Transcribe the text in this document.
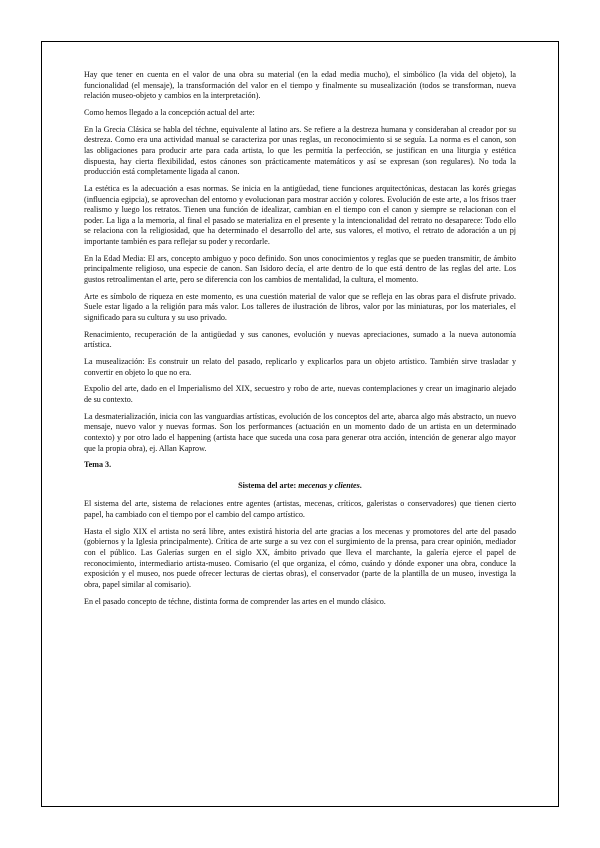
Hay que tener en cuenta en el valor de una obra su material (en la edad media mucho), el simbólico (la vida del objeto), la funcionalidad (el mensaje), la transformación del valor en el tiempo y finalmente su musealización (todos se transforman, nueva relación museo-objeto y cambios en la interpretación).

Como hemos llegado a la concepción actual del arte:

En la Grecia Clásica se habla del téchne, equivalente al latino ars. Se refiere a la destreza humana y consideraban al creador por su destreza. Como era una actividad manual se caracteriza por unas reglas, un reconocimiento si se seguía. La norma es el canon, son las obligaciones para producir arte para cada artista, lo que les permitía la perfección, se justifican en una liturgia y estética dispuesta, hay cierta flexibilidad, estos cánones son prácticamente matemáticos y así se expresan (son regulares). No toda la producción está completamente ligada al canon.

La estética es la adecuación a esas normas. Se inicia en la antigüedad, tiene funciones arquitectónicas, destacan las korés griegas (influencia egipcia), se aprovechan del entorno y evolucionan para mostrar acción y colores. Evolución de este arte, a los frisos traer realismo y luego los retratos. Tienen una función de idealizar, cambian en el tiempo con el canon y siempre se relacionan con el poder. La liga a la memoria, al final el pasado se materializa en el presente y la intencionalidad del retrato no desaparece: Todo ello se relaciona con la religiosidad, que ha determinado el desarrollo del arte, sus valores, el motivo, el retrato de adoración a un pj importante también es para reflejar su poder y recordarle.

En la Edad Media: El ars, concepto ambiguo y poco definido. Son unos conocimientos y reglas que se pueden transmitir, de ámbito principalmente religioso, una especie de canon. San Isidoro decía, el arte dentro de lo que está dentro de las reglas del arte. Los gustos retroalimentan el arte, pero se diferencia con los cambios de mentalidad, la cultura, el momento.

Arte es símbolo de riqueza en este momento, es una cuestión material de valor que se refleja en las obras para el disfrute privado. Suele estar ligado a la religión para más valor. Los talleres de ilustración de libros, valor por las miniaturas, por los materiales, el significado para su cultura y su uso privado.

Renacimiento, recuperación de la antigüedad y sus canones, evolución y nuevas apreciaciones, sumado a la nueva autonomía artística.

La musealización: Es construir un relato del pasado, replicarlo y explicarlos para un objeto artístico. También sirve trasladar y convertir en objeto lo que no era.

Expolio del arte, dado en el Imperialismo del XIX, secuestro y robo de arte, nuevas contemplaciones y crear un imaginario alejado de su contexto.

La desmaterialización, inicia con las vanguardias artísticas, evolución de los conceptos del arte, abarca algo más abstracto, un nuevo mensaje, nuevo valor y nuevas formas. Son los performances (actuación en un momento dado de un artista en un determinado contexto) y por otro lado el happening (artista hace que suceda una cosa para generar otra acción, intención de generar algo mayor que la propia obra), ej. Allan Kaprow.

Tema 3.

Sistema del arte: mecenas y clientes.

El sistema del arte, sistema de relaciones entre agentes (artistas, mecenas, críticos, galeristas o conservadores) que tienen cierto papel, ha cambiado con el tiempo por el cambio del campo artístico.

Hasta el siglo XIX el artista no será libre, antes existirá historia del arte gracias a los mecenas y promotores del arte del pasado (gobiernos y la Iglesia principalmente). Crítica de arte surge a su vez con el surgimiento de la prensa, para crear opinión, mediador con el público. Las Galerías surgen en el siglo XX, ámbito privado que lleva el marchante, la galería ejerce el papel de reconocimiento, intermediario artista-museo. Comisario (el que organiza, el cómo, cuándo y dónde exponer una obra, conduce la exposición y el museo, nos puede ofrecer lecturas de ciertas obras), el conservador (parte de la plantilla de un museo, investiga la obra, papel similar al comisario).

En el pasado concepto de téchne, distinta forma de comprender las artes en el mundo clásico.
